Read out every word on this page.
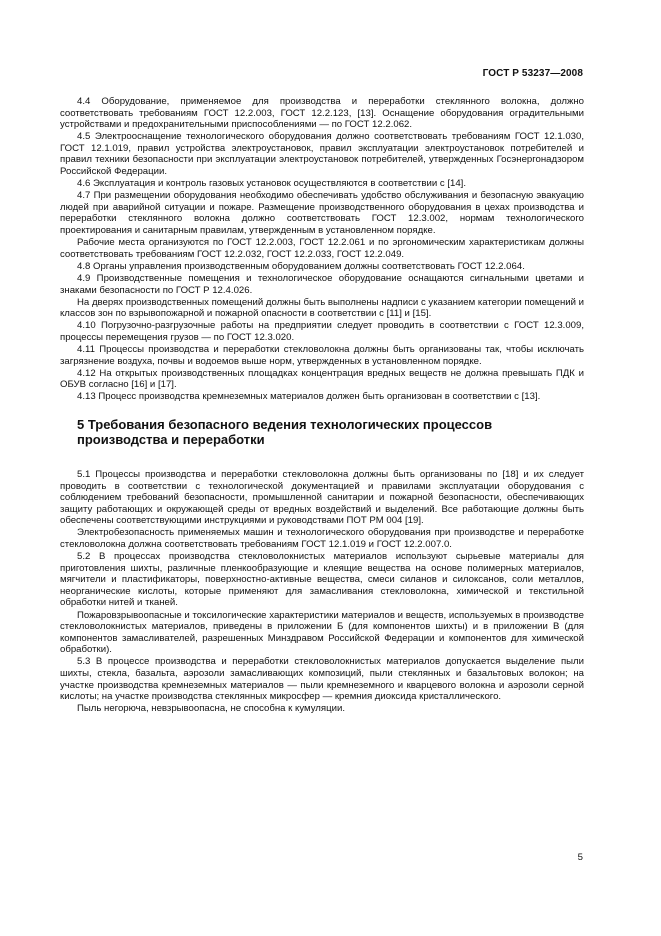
ГОСТ Р 53237—2008

4.4 Оборудование, применяемое для производства и переработки стеклянного волокна, должно соответствовать требованиям ГОСТ 12.2.003, ГОСТ 12.2.123, [13]. Оснащение оборудования оградительными устройствами и предохранительными приспособлениями — по ГОСТ 12.2.062.

4.5 Электрооснащение технологического оборудования должно соответствовать требованиям ГОСТ 12.1.030, ГОСТ 12.1.019, правил устройства электроустановок, правил эксплуатации электроустановок потребителей и правил техники безопасности при эксплуатации электроустановок потребителей, утвержденных Госэнергонадзором Российской Федерации.

4.6 Эксплуатация и контроль газовых установок осуществляются в соответствии с [14].

4.7 При размещении оборудования необходимо обеспечивать удобство обслуживания и безопасную эвакуацию людей при аварийной ситуации и пожаре. Размещение производственного оборудования в цехах производства и переработки стеклянного волокна должно соответствовать ГОСТ 12.3.002, нормам технологического проектирования и санитарным правилам, утвержденным в установленном порядке.

Рабочие места организуются по ГОСТ 12.2.003, ГОСТ 12.2.061 и по эргономическим характеристикам должны соответствовать требованиям ГОСТ 12.2.032, ГОСТ 12.2.033, ГОСТ 12.2.049.

4.8 Органы управления производственным оборудованием должны соответствовать ГОСТ 12.2.064.

4.9 Производственные помещения и технологическое оборудование оснащаются сигнальными цветами и знаками безопасности по ГОСТ Р 12.4.026.

На дверях производственных помещений должны быть выполнены надписи с указанием категории помещений и классов зон по взрывопожарной и пожарной опасности в соответствии с [11] и [15].

4.10 Погрузочно-разгрузочные работы на предприятии следует проводить в соответствии с ГОСТ 12.3.009, процессы перемещения грузов — по ГОСТ 12.3.020.

4.11 Процессы производства и переработки стекловолокна должны быть организованы так, чтобы исключать загрязнение воздуха, почвы и водоемов выше норм, утвержденных в установленном порядке.

4.12 На открытых производственных площадках концентрация вредных веществ не должна превышать ПДК и ОБУВ согласно [16] и [17].

4.13 Процесс производства кремнеземных материалов должен быть организован в соответствии с [13].

5 Требования безопасного ведения технологических процессов производства и переработки

5.1 Процессы производства и переработки стекловолокна должны быть организованы по [18] и их следует проводить в соответствии с технологической документацией и правилами эксплуатации оборудования с соблюдением требований безопасности, промышленной санитарии и пожарной безопасности, обеспечивающих защиту работающих и окружающей среды от вредных воздействий и выделений. Все работающие должны быть обеспечены соответствующими инструкциями и руководствами ПОТ РМ 004 [19].

Электробезопасность применяемых машин и технологического оборудования при производстве и переработке стекловолокна должна соответствовать требованиям ГОСТ 12.1.019 и ГОСТ 12.2.007.0.

5.2 В процессах производства стекловолокнистых материалов используют сырьевые материалы для приготовления шихты, различные пленкообразующие и клеящие вещества на основе полимерных материалов, мягчители и пластификаторы, поверхностно-активные вещества, смеси силанов и силоксанов, соли металлов, неорганические кислоты, которые применяют для замасливания стекловолокна, химической и текстильной обработки нитей и тканей.

Пожаровзрывоопасные и токсилогические характеристики материалов и веществ, используемых в производстве стекловолокнистых материалов, приведены в приложении Б (для компонентов шихты) и в приложении В (для компонентов замасливателей, разрешенных Минздравом Российской Федерации и компонентов для химической обработки).

5.3 В процессе производства и переработки стекловолокнистых материалов допускается выделение пыли шихты, стекла, базальта, аэрозоли замасливающих композиций, пыли стеклянных и базальтовых волокон; на участке производства кремнеземных материалов — пыли кремнеземного и кварцевого волокна и аэрозоли серной кислоты; на участке производства стеклянных микросфер — кремния диоксида кристаллического.

Пыль негорюча, невзрывоопасна, не способна к кумуляции.

5
